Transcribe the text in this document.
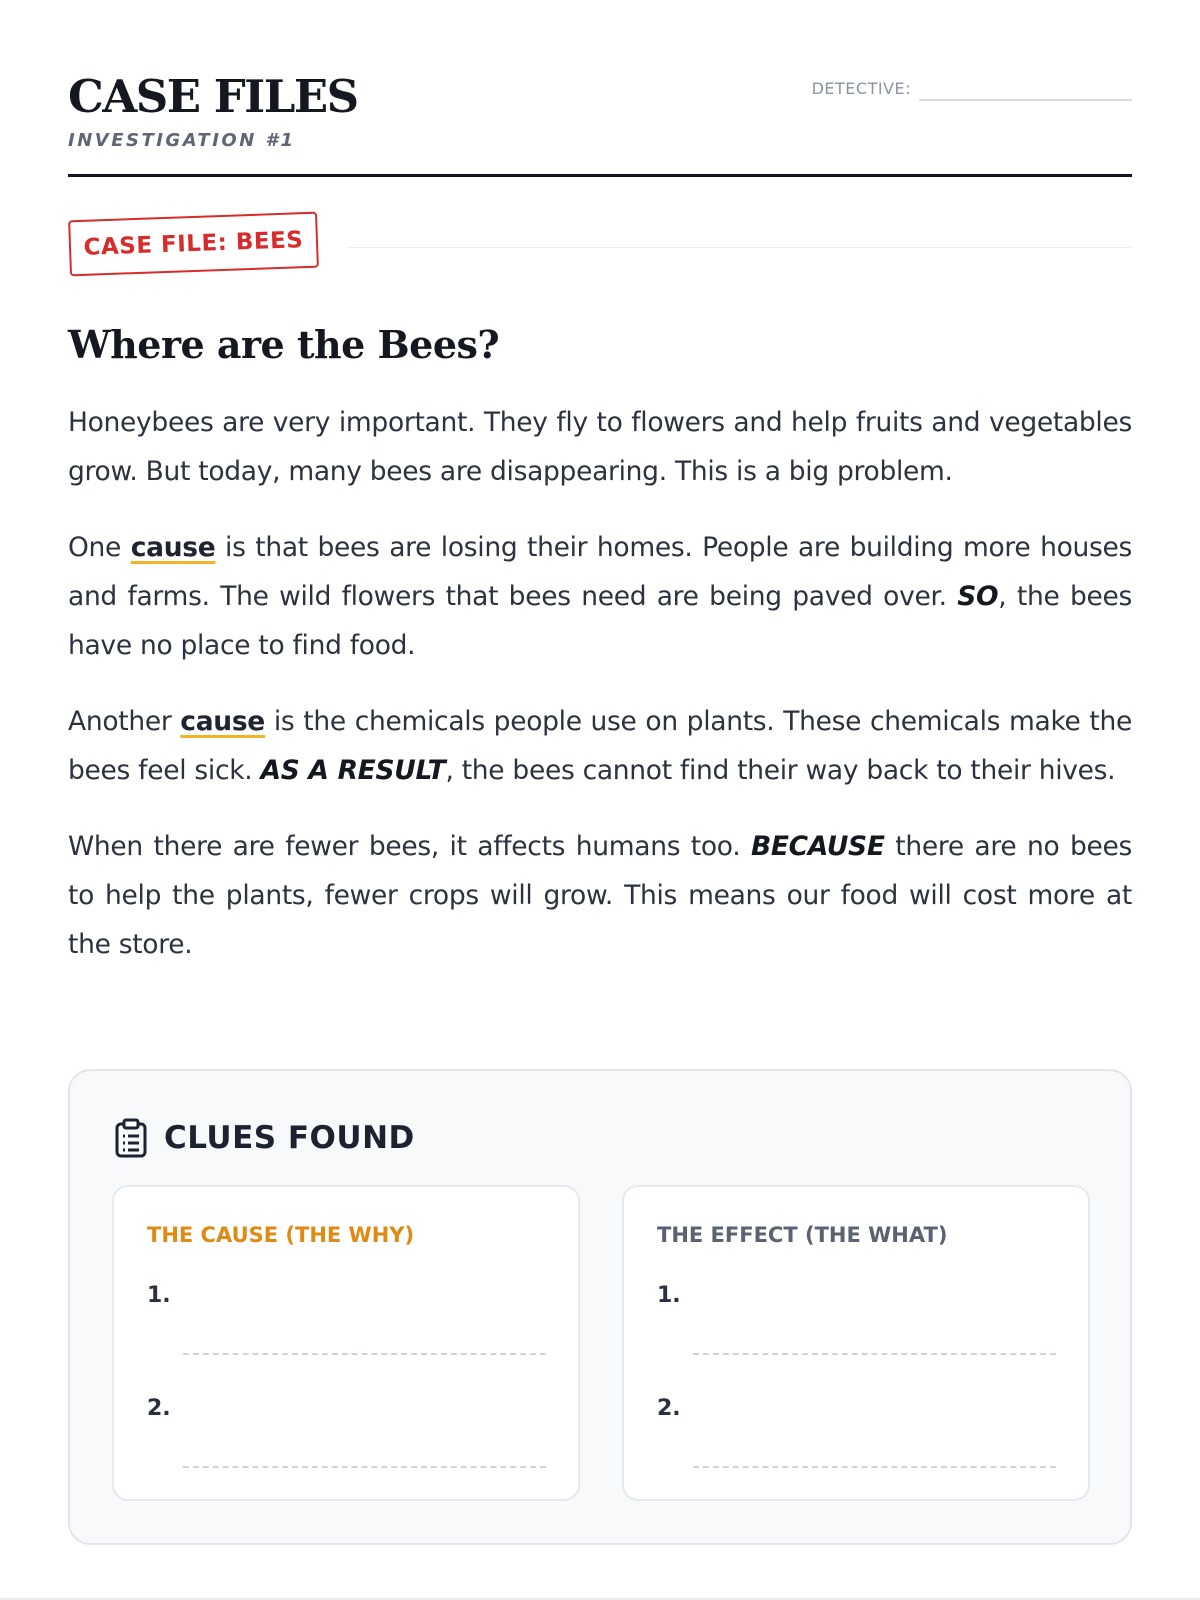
CASE FILES
INVESTIGATION #1
DETECTIVE:
CASE FILE: BEES
Where are the Bees?

Honeybees are very important. They fly to flowers and help fruits and vegetables grow. But today, many bees are disappearing. This is a big problem.

One cause is that bees are losing their homes. People are building more houses and farms. The wild flowers that bees need are being paved over. SO, the bees have no place to find food.

Another cause is the chemicals people use on plants. These chemicals make the bees feel sick. AS A RESULT, the bees cannot find their way back to their hives.

When there are fewer bees, it affects humans too. BECAUSE there are no bees to help the plants, fewer crops will grow. This means our food will cost more at the store.

CLUES FOUND
THE CAUSE (THE WHY)
1.
2.
THE EFFECT (THE WHAT)
1.
2.
